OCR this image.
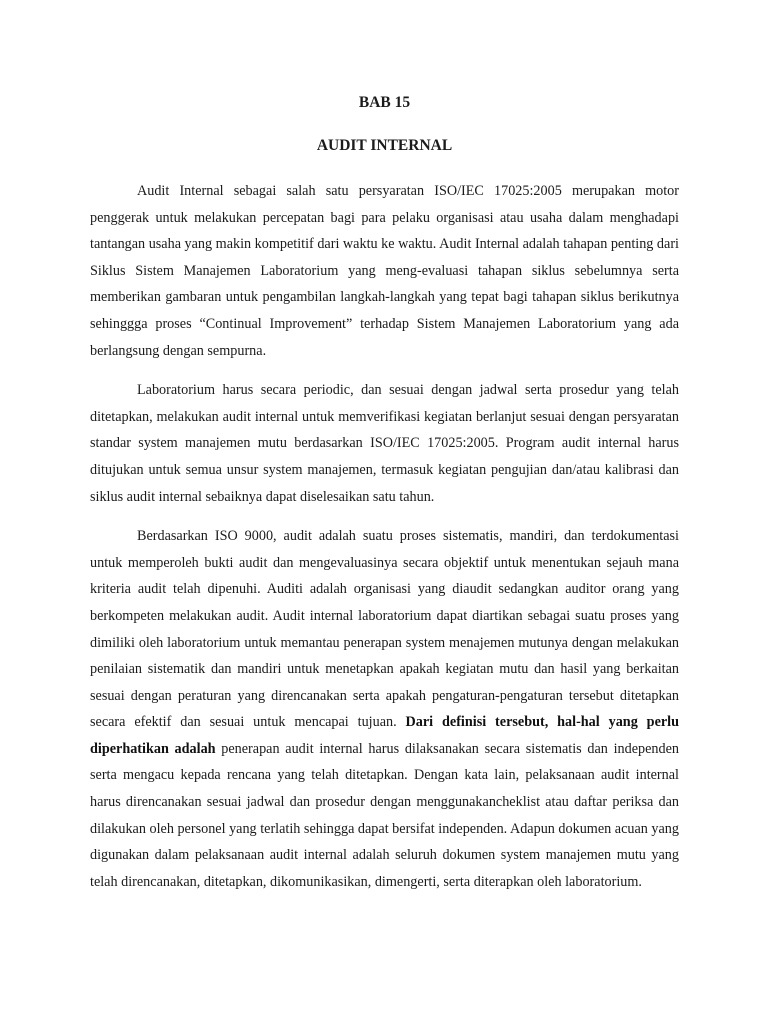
BAB 15
AUDIT INTERNAL

Audit Internal sebagai salah satu persyaratan ISO/IEC 17025:2005 merupakan motor penggerak untuk melakukan percepatan bagi para pelaku organisasi atau usaha dalam menghadapi tantangan usaha yang makin kompetitif dari waktu ke waktu. Audit Internal adalah tahapan penting dari Siklus Sistem Manajemen Laboratorium yang meng-evaluasi tahapan siklus sebelumnya serta memberikan gambaran untuk pengambilan langkah-langkah yang tepat bagi tahapan siklus berikutnya sehinggga proses “Continual Improvement” terhadap Sistem Manajemen Laboratorium yang ada berlangsung dengan sempurna.

Laboratorium harus secara periodic, dan sesuai dengan jadwal serta prosedur yang telah ditetapkan, melakukan audit internal untuk memverifikasi kegiatan berlanjut sesuai dengan persyaratan standar system manajemen mutu berdasarkan ISO/IEC 17025:2005. Program audit internal harus ditujukan untuk semua unsur system manajemen, termasuk kegiatan pengujian dan/atau kalibrasi dan siklus audit internal sebaiknya dapat diselesaikan satu tahun.

Berdasarkan ISO 9000, audit adalah suatu proses sistematis, mandiri, dan terdokumentasi untuk memperoleh bukti audit dan mengevaluasinya secara objektif untuk menentukan sejauh mana kriteria audit telah dipenuhi. Auditi adalah organisasi yang diaudit sedangkan auditor orang yang berkompeten melakukan audit. Audit internal laboratorium dapat diartikan sebagai suatu proses yang dimiliki oleh laboratorium untuk memantau penerapan system menajemen mutunya dengan melakukan penilaian sistematik dan mandiri untuk menetapkan apakah kegiatan mutu dan hasil yang berkaitan sesuai dengan peraturan yang direncanakan serta apakah pengaturan-pengaturan tersebut ditetapkan secara efektif dan sesuai untuk mencapai tujuan. Dari definisi tersebut, hal-hal yang perlu diperhatikan adalah penerapan audit internal harus dilaksanakan secara sistematis dan independen serta mengacu kepada rencana yang telah ditetapkan. Dengan kata lain, pelaksanaan audit internal harus direncanakan sesuai jadwal dan prosedur dengan menggunakancheklist atau daftar periksa dan dilakukan oleh personel yang terlatih sehingga dapat bersifat independen. Adapun dokumen acuan yang digunakan dalam pelaksanaan audit internal adalah seluruh dokumen system manajemen mutu yang telah direncanakan, ditetapkan, dikomunikasikan, dimengerti, serta diterapkan oleh laboratorium.
